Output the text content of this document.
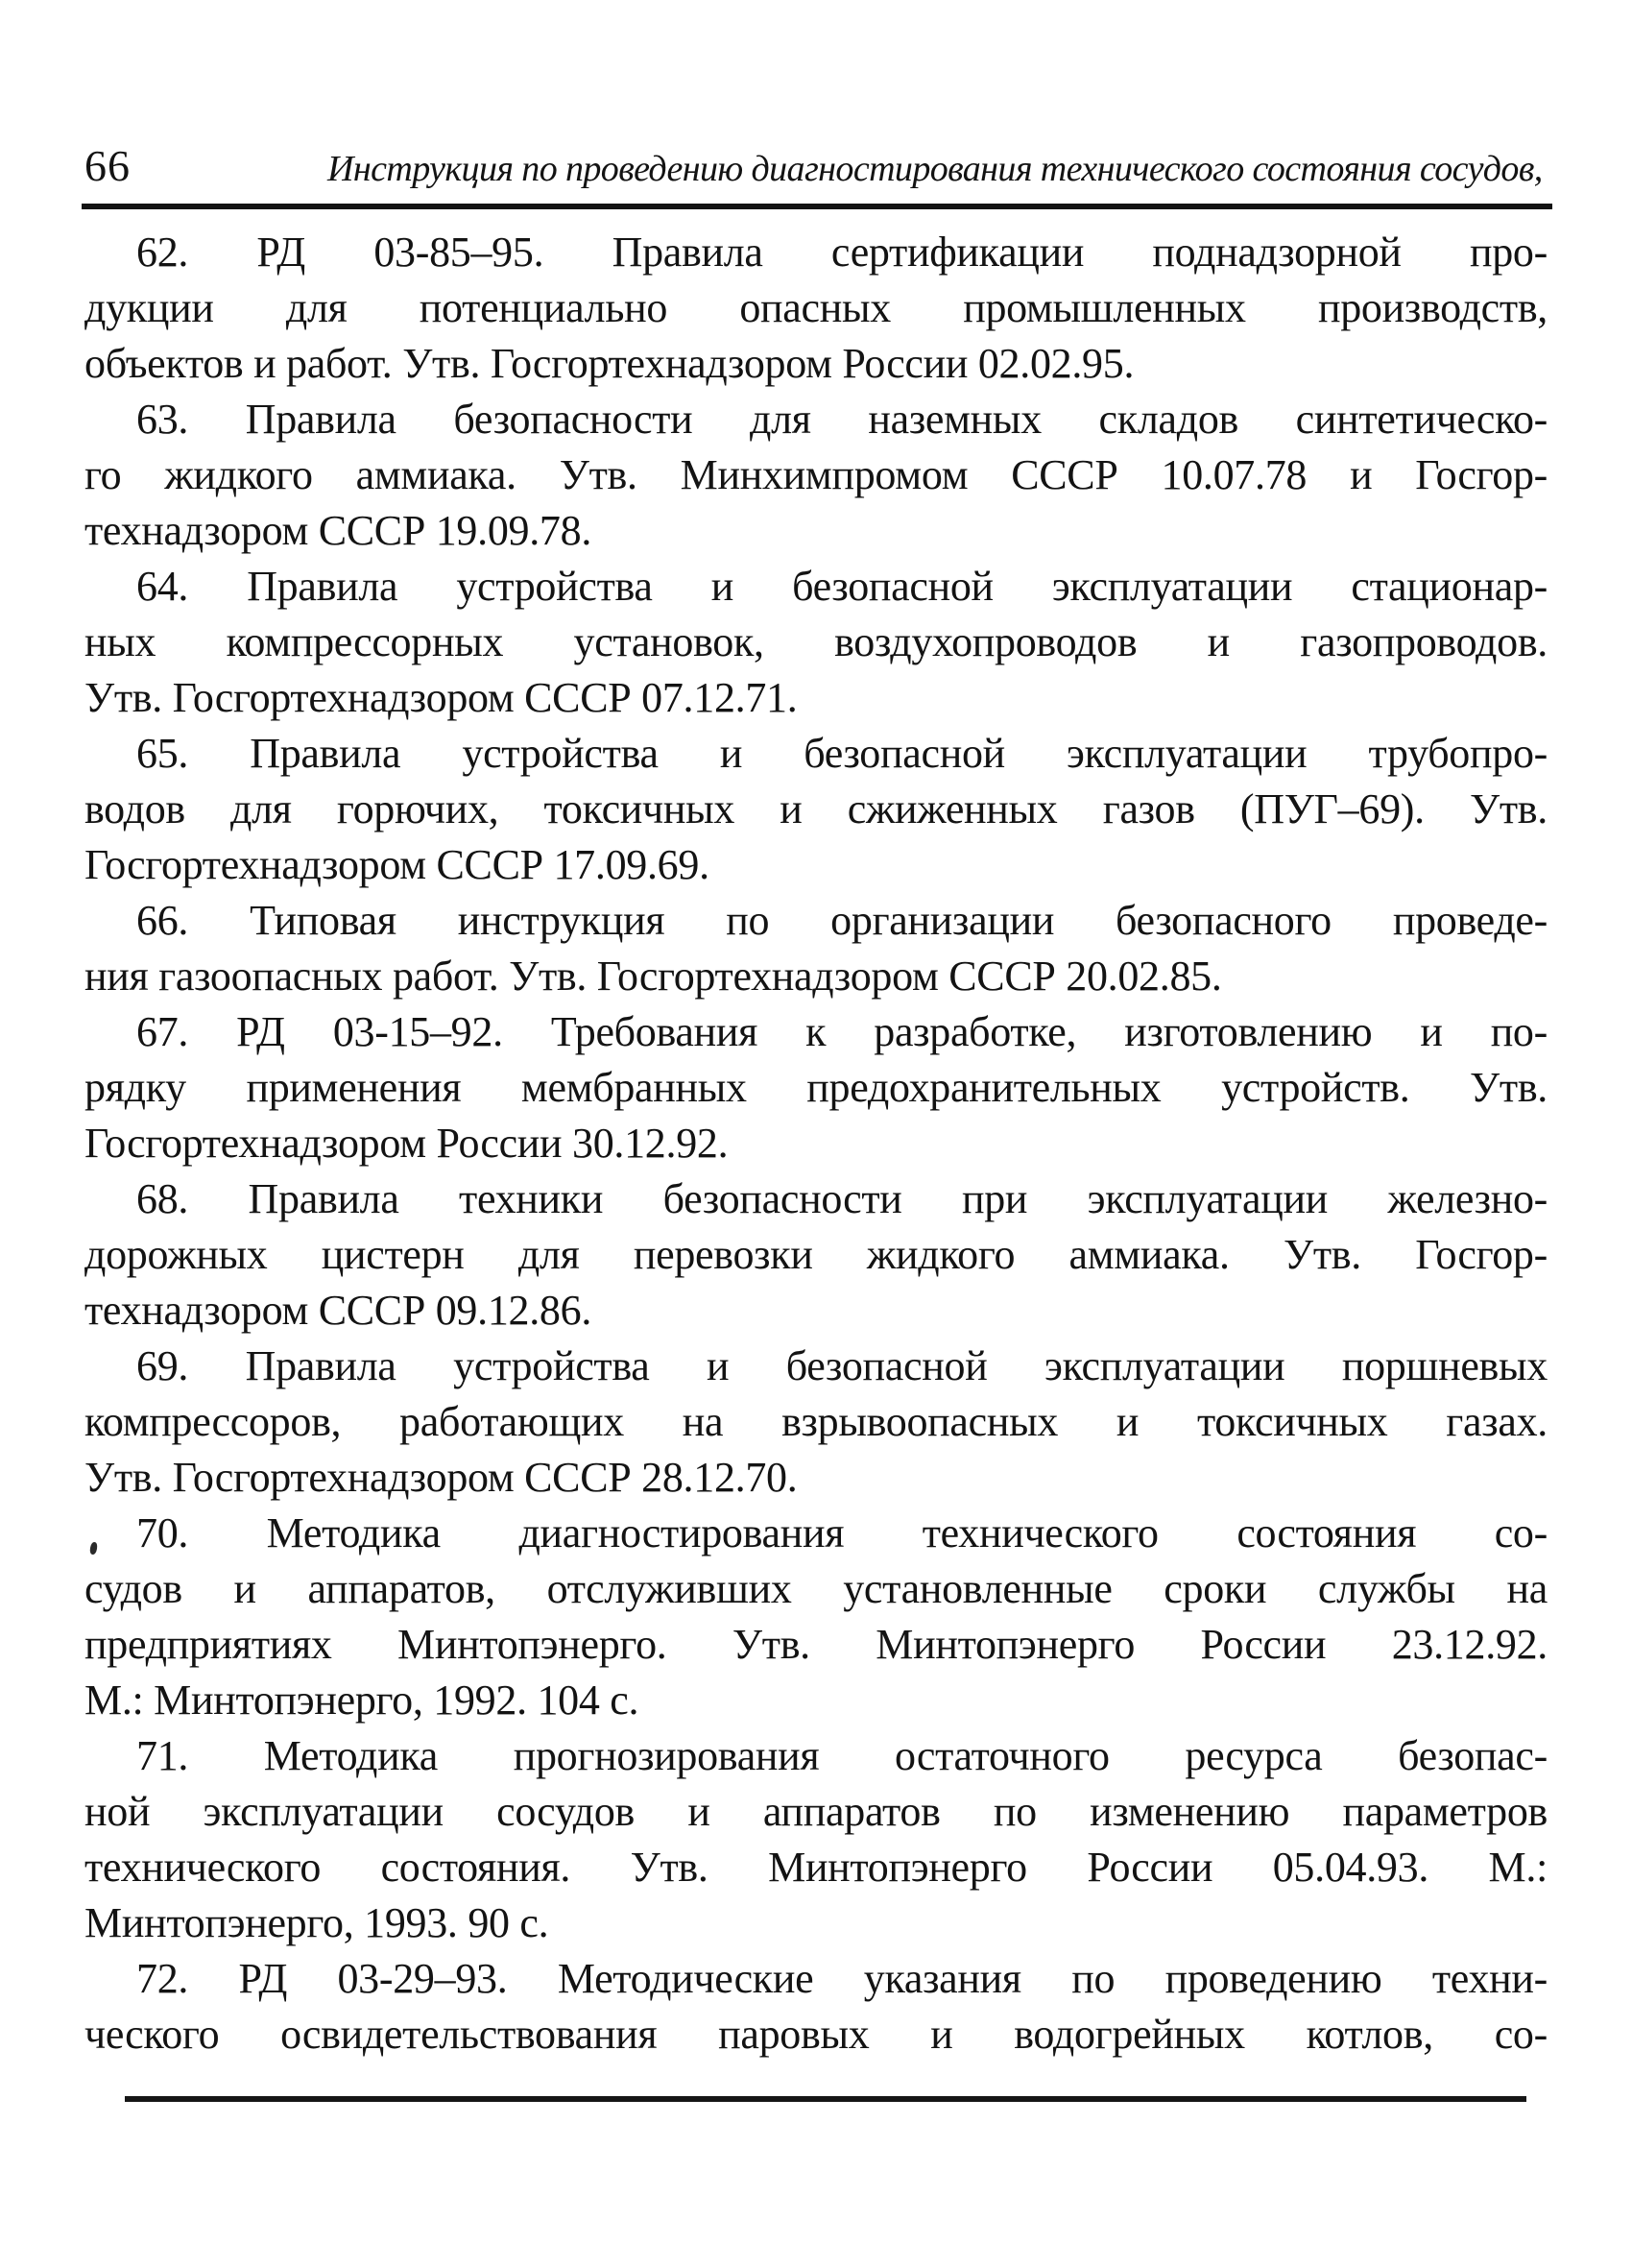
66	Инструкция по проведению диагностирования технического состояния сосудов,
62. РД 03-85–95. Правила сертификации поднадзорной про-
дукции для потенциально опасных промышленных производств,
объектов и работ. Утв. Госгортехнадзором России 02.02.95.
63. Правила безопасности для наземных складов синтетическо-
го жидкого аммиака. Утв. Минхимпромом СССР 10.07.78 и Госгор-
технадзором СССР 19.09.78.
64. Правила устройства и безопасной эксплуатации стационар-
ных компрессорных установок, воздухопроводов и газопроводов.
Утв. Госгортехнадзором СССР 07.12.71.
65. Правила устройства и безопасной эксплуатации трубопро-
водов для горючих, токсичных и сжиженных газов (ПУГ–69). Утв.
Госгортехнадзором СССР 17.09.69.
66. Типовая инструкция по организации безопасного проведе-
ния газоопасных работ. Утв. Госгортехнадзором СССР 20.02.85.
67. РД 03-15–92. Требования к разработке, изготовлению и по-
рядку применения мембранных предохранительных устройств. Утв.
Госгортехнадзором России 30.12.92.
68. Правила техники безопасности при эксплуатации железно-
дорожных цистерн для перевозки жидкого аммиака. Утв. Госгор-
технадзором СССР 09.12.86.
69. Правила устройства и безопасной эксплуатации поршневых
компрессоров, работающих на взрывоопасных и токсичных газах.
Утв. Госгортехнадзором СССР 28.12.70.
70. Методика диагностирования технического состояния со-
судов и аппаратов, отслуживших установленные сроки службы на
предприятиях Минтопэнерго. Утв. Минтопэнерго России 23.12.92.
М.: Минтопэнерго, 1992. 104 с.
71. Методика прогнозирования остаточного ресурса безопас-
ной эксплуатации сосудов и аппаратов по изменению параметров
технического состояния. Утв. Минтопэнерго России 05.04.93. М.:
Минтопэнерго, 1993. 90 с.
72. РД 03-29–93. Методические указания по проведению техни-
ческого освидетельствования паровых и водогрейных котлов, со-
